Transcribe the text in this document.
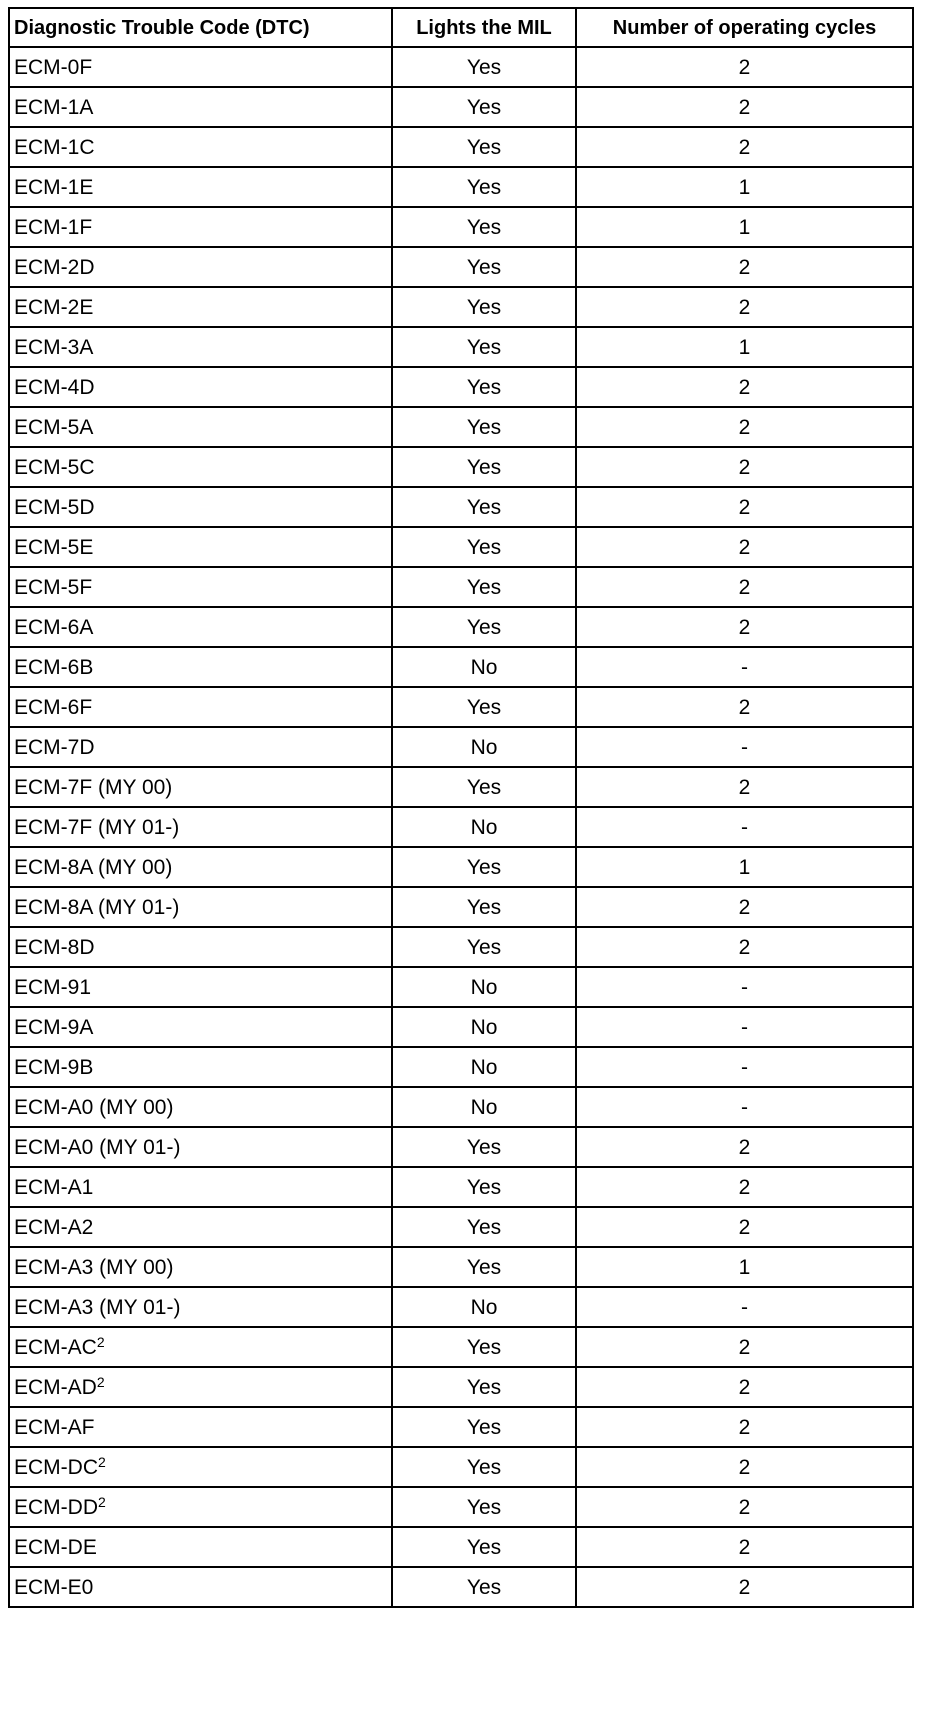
Diagnostic Trouble Code (DTC)	Lights the MIL	Number of operating cycles
ECM-0F	Yes	2
ECM-1A	Yes	2
ECM-1C	Yes	2
ECM-1E	Yes	1
ECM-1F	Yes	1
ECM-2D	Yes	2
ECM-2E	Yes	2
ECM-3A	Yes	1
ECM-4D	Yes	2
ECM-5A	Yes	2
ECM-5C	Yes	2
ECM-5D	Yes	2
ECM-5E	Yes	2
ECM-5F	Yes	2
ECM-6A	Yes	2
ECM-6B	No	-
ECM-6F	Yes	2
ECM-7D	No	-
ECM-7F (MY 00)	Yes	2
ECM-7F (MY 01-)	No	-
ECM-8A (MY 00)	Yes	1
ECM-8A (MY 01-)	Yes	2
ECM-8D	Yes	2
ECM-91	No	-
ECM-9A	No	-
ECM-9B	No	-
ECM-A0 (MY 00)	No	-
ECM-A0 (MY 01-)	Yes	2
ECM-A1	Yes	2
ECM-A2	Yes	2
ECM-A3 (MY 00)	Yes	1
ECM-A3 (MY 01-)	No	-
ECM-AC$^2$	Yes	2
ECM-AD$^2$	Yes	2
ECM-AF	Yes	2
ECM-DC$^2$	Yes	2
ECM-DD$^2$	Yes	2
ECM-DE	Yes	2
ECM-E0	Yes	2
